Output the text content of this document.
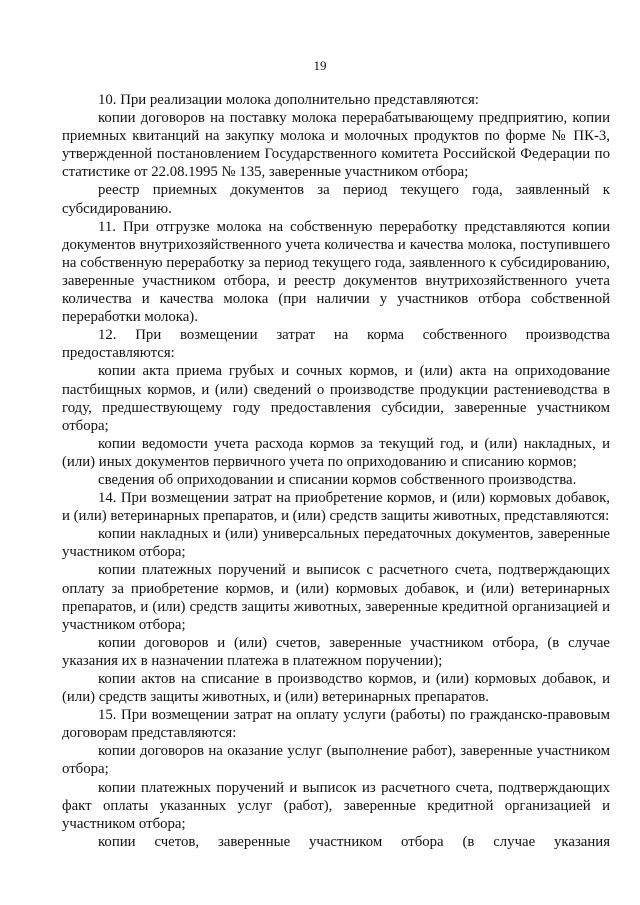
19

10. При реализации молока дополнительно представляются:

копии договоров на поставку молока перерабатывающему предприятию, копии приемных квитанций на закупку молока и молочных продуктов по форме № ПК-3, утвержденной постановлением Государственного комитета Российской Федерации по статистике от 22.08.1995 № 135, заверенные участником отбора;

реестр приемных документов за период текущего года, заявленный к субсидированию.

11. При отгрузке молока на собственную переработку представляются копии документов внутрихозяйственного учета количества и качества молока, поступившего на собственную переработку за период текущего года, заявленного к субсидированию, заверенные участником отбора, и реестр документов внутрихозяйственного учета количества и качества молока (при наличии у участников отбора собственной переработки молока).

12. При возмещении затрат на корма собственного производства предоставляются:

копии акта приема грубых и сочных кормов, и (или) акта на оприходование пастбищных кормов, и (или) сведений о производстве продукции растениеводства в году, предшествующему году предоставления субсидии, заверенные участником отбора;

копии ведомости учета расхода кормов за текущий год, и (или) накладных, и (или) иных документов первичного учета по оприходованию и списанию кормов;

сведения об оприходовании и списании кормов собственного производства.

14. При возмещении затрат на приобретение кормов, и (или) кормовых добавок, и (или) ветеринарных препаратов, и (или) средств защиты животных, представляются:

копии накладных и (или) универсальных передаточных документов, заверенные участником отбора;

копии платежных поручений и выписок с расчетного счета, подтверждающих оплату за приобретение кормов, и (или) кормовых добавок, и (или) ветеринарных препаратов, и (или) средств защиты животных, заверенные кредитной организацией и участником отбора;

копии договоров и (или) счетов, заверенные участником отбора, (в случае указания их в назначении платежа в платежном поручении);

копии актов на списание в производство кормов, и (или) кормовых добавок, и (или) средств защиты животных, и (или) ветеринарных препаратов.

15. При возмещении затрат на оплату услуги (работы) по гражданско-правовым договорам представляются:

копии договоров на оказание услуг (выполнение работ), заверенные участником отбора;

копии платежных поручений и выписок из расчетного счета, подтверждающих факт оплаты указанных услуг (работ), заверенные кредитной организацией и участником отбора;

копии счетов, заверенные участником отбора (в случае указания
